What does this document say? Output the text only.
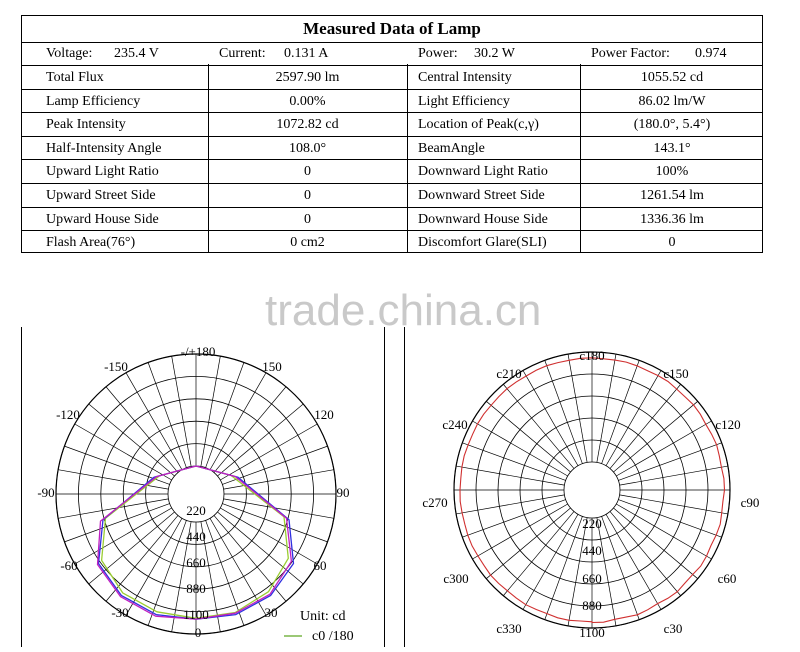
Measured Data of Lamp
Voltage: 235.4 V	Current: 0.131 A	Power: 30.2 W	Power Factor: 0.974
Total Flux	2597.90 lm	Central Intensity	1055.52 cd
Lamp Efficiency	0.00%	Light Efficiency	86.02 lm/W
Peak Intensity	1072.82 cd	Location of Peak(c,γ)	(180.0°, 5.4°)
Half-Intensity Angle	108.0°	BeamAngle	143.1°
Upward Light Ratio	0	Downward Light Ratio	100%
Upward Street Side	0	Downward Street Side	1261.54 lm
Upward House Side	0	Downward House Side	1336.36 lm
Flash Area(76°)	0 cm2	Discomfort Glare(SLI)	0
trade.china.cn
220
440
660
880
1100
-/+180
150
120
90
60
30
0
-30
-60
-90
-120
-150
Unit: cd
c0 /180
220
440
660
880
1100
c180
c150
c120
c90
c60
c30
c330
c300
c270
c240
c210
